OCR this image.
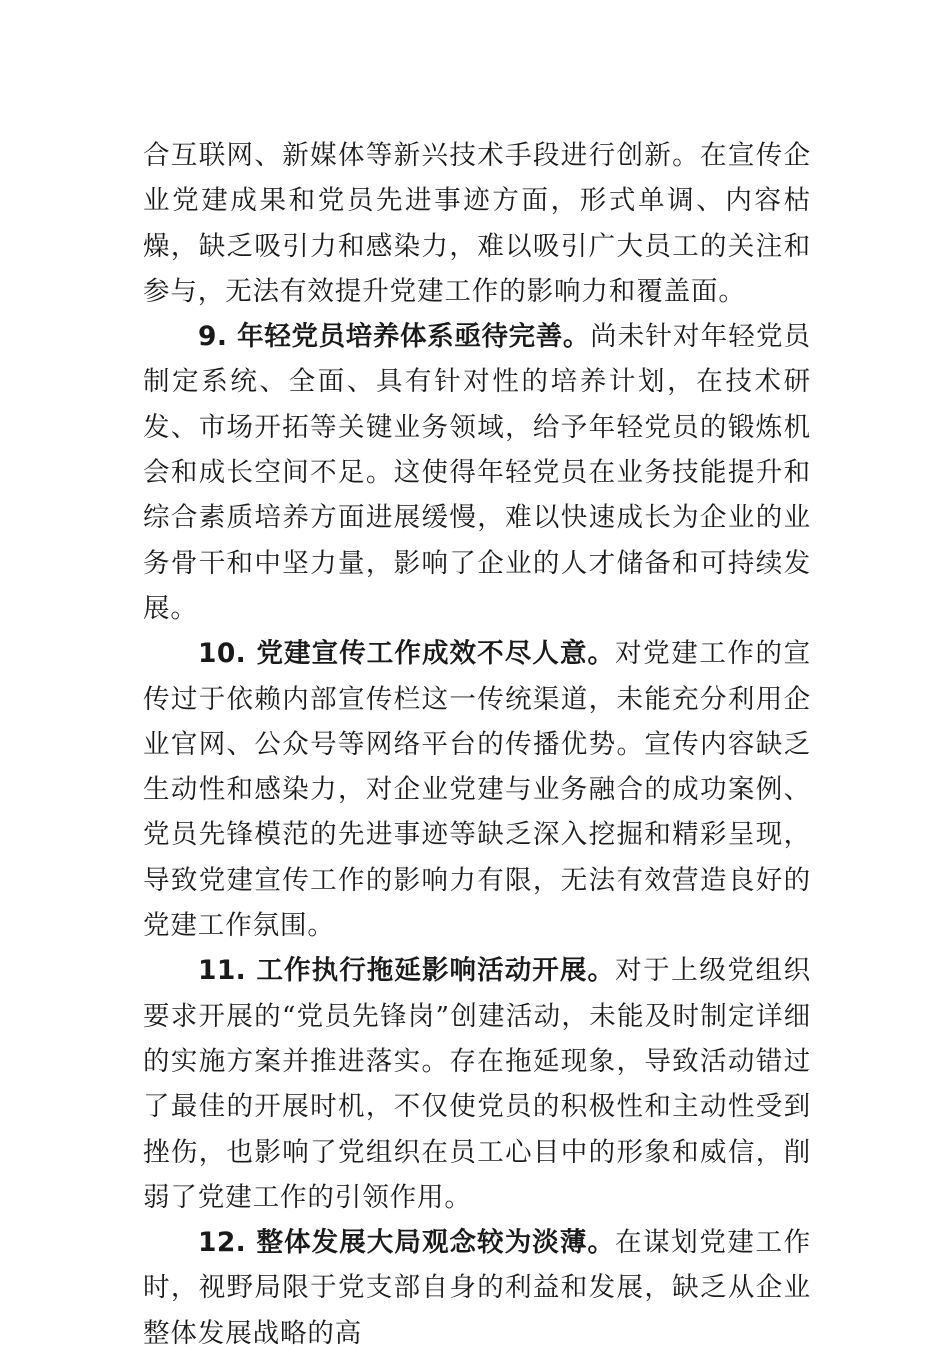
合互联网、新媒体等新兴技术手段进行创新。在宣传企业党建成果和党员先进事迹方面，形式单调、内容枯燥，缺乏吸引力和感染力，难以吸引广大员工的关注和参与，无法有效提升党建工作的影响力和覆盖面。

9. 年轻党员培养体系亟待完善。尚未针对年轻党员制定系统、全面、具有针对性的培养计划，在技术研发、市场开拓等关键业务领域，给予年轻党员的锻炼机会和成长空间不足。这使得年轻党员在业务技能提升和综合素质培养方面进展缓慢，难以快速成长为企业的业务骨干和中坚力量，影响了企业的人才储备和可持续发展。

10. 党建宣传工作成效不尽人意。对党建工作的宣传过于依赖内部宣传栏这一传统渠道，未能充分利用企业官网、公众号等网络平台的传播优势。宣传内容缺乏生动性和感染力，对企业党建与业务融合的成功案例、党员先锋模范的先进事迹等缺乏深入挖掘和精彩呈现，导致党建宣传工作的影响力有限，无法有效营造良好的党建工作氛围。

11. 工作执行拖延影响活动开展。对于上级党组织要求开展的“党员先锋岗”创建活动，未能及时制定详细的实施方案并推进落实。存在拖延现象，导致活动错过了最佳的开展时机，不仅使党员的积极性和主动性受到挫伤，也影响了党组织在员工心目中的形象和威信，削弱了党建工作的引领作用。

12. 整体发展大局观念较为淡薄。在谋划党建工作时，视野局限于党支部自身的利益和发展，缺乏从企业整体发展战略的高
